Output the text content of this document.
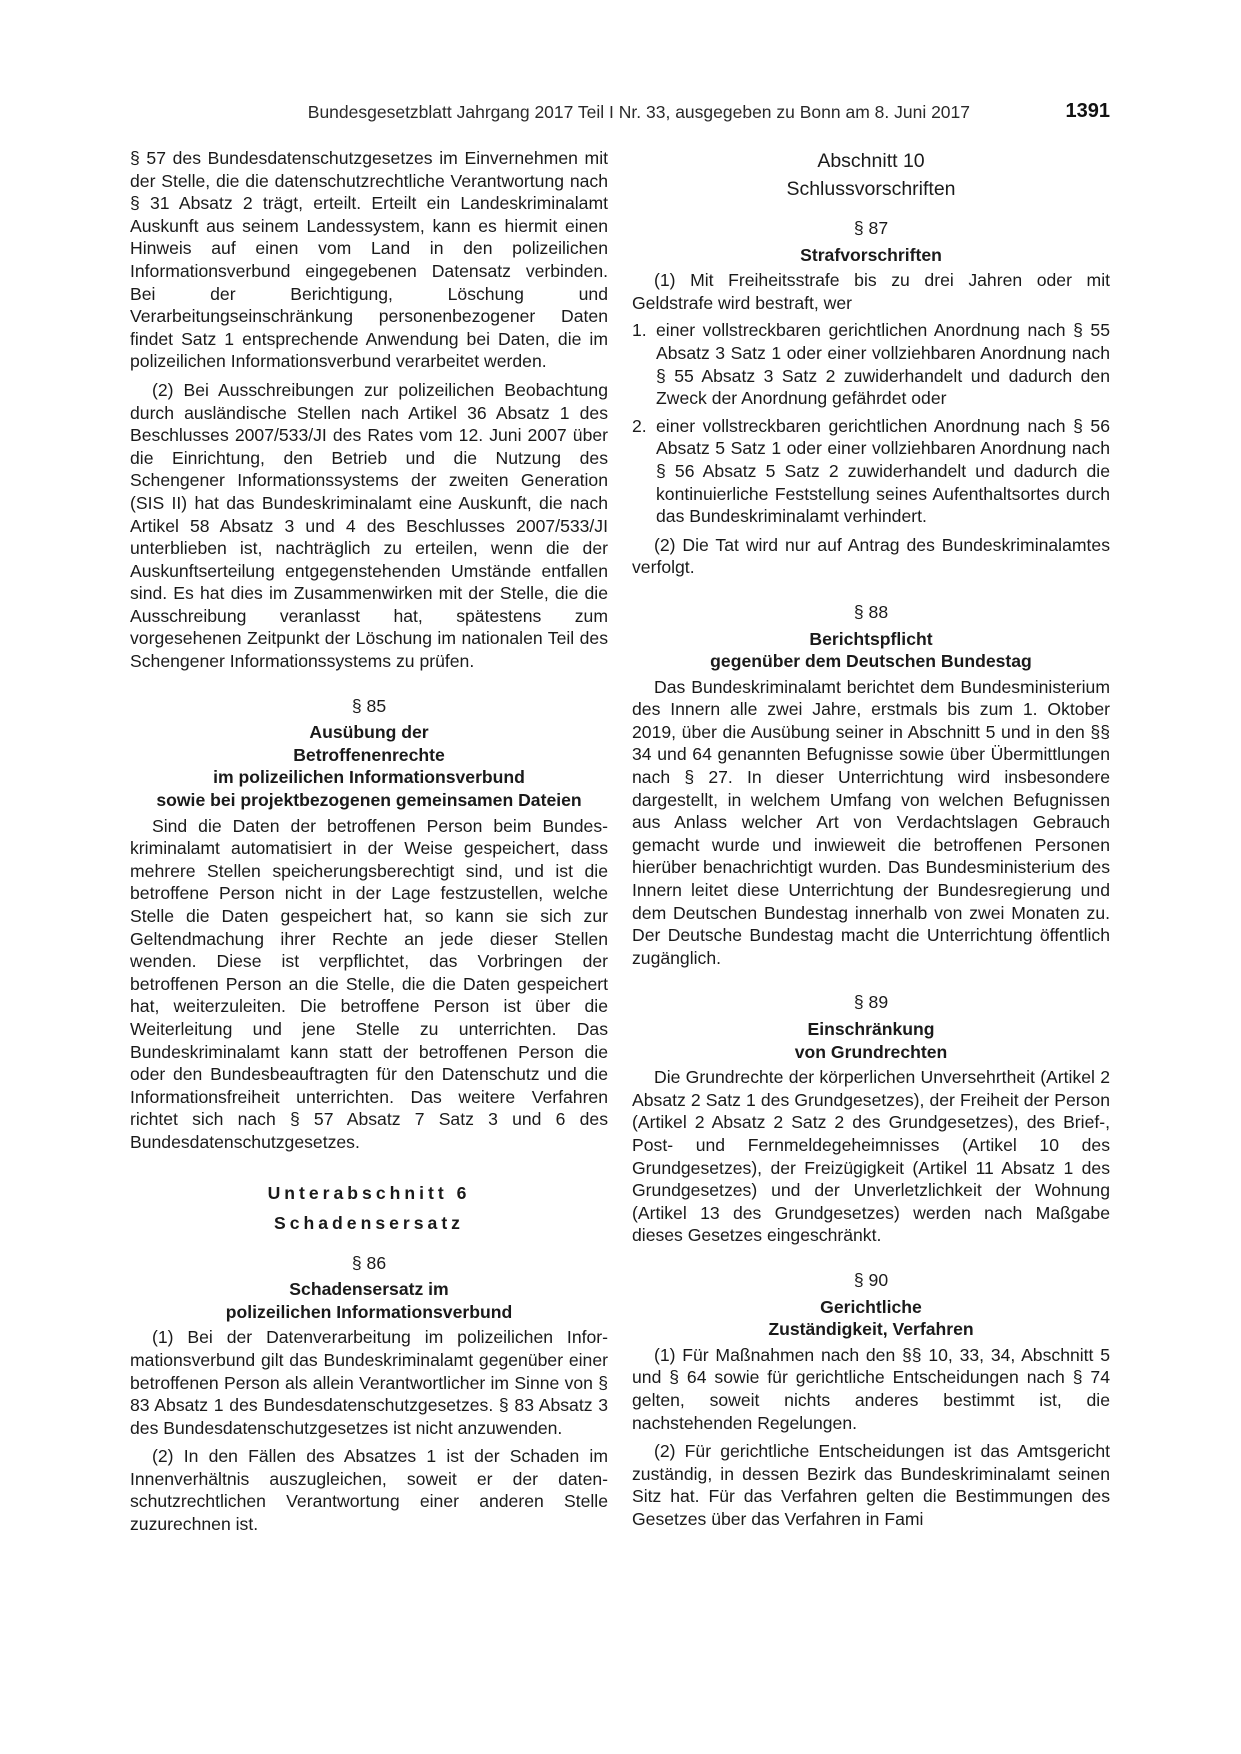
Bundesgesetzblatt Jahrgang 2017 Teil I Nr. 33, ausgegeben zu Bonn am 8. Juni 2017	1391

§ 57 des Bundesdatenschutzgesetzes im Einvernehmen mit der Stelle, die die datenschutzrechtliche Verantwortung nach § 31 Absatz 2 trägt, erteilt. Erteilt ein Landeskriminalamt Auskunft aus seinem Landessystem, kann es hiermit einen Hinweis auf einen vom Land in den polizeilichen Informationsverbund eingegebenen Datensatz verbinden. Bei der Berichtigung, Löschung und Verarbeitungseinschränkung personenbezogener Daten findet Satz 1 entsprechende Anwendung bei Daten, die im polizeilichen Informationsverbund verarbeitet werden.

(2) Bei Ausschreibungen zur polizeilichen Beobachtung durch ausländische Stellen nach Artikel 36 Absatz 1 des Beschlusses 2007/533/JI des Rates vom 12. Juni 2007 über die Einrichtung, den Betrieb und die Nutzung des Schengener Informationssystems der zweiten Generation (SIS II) hat das Bundeskriminalamt eine Auskunft, die nach Artikel 58 Absatz 3 und 4 des Beschlusses 2007/533/JI unterblieben ist, nachträglich zu erteilen, wenn die der Auskunftserteilung entgegenstehenden Umstände entfallen sind. Es hat dies im Zusammenwirken mit der Stelle, die die Ausschreibung veranlasst hat, spätestens zum vorgesehenen Zeitpunkt der Löschung im nationalen Teil des Schengener Informationssystems zu prüfen.

§ 85

Ausübung der
Betroffenenrechte
im polizeilichen Informationsverbund
sowie bei projektbezogenen gemeinsamen Dateien

Sind die Daten der betroffenen Person beim Bundeskriminalamt automatisiert in der Weise gespeichert, dass mehrere Stellen speicherungsberechtigt sind, und ist die betroffene Person nicht in der Lage festzustellen, welche Stelle die Daten gespeichert hat, so kann sie sich zur Geltendmachung ihrer Rechte an jede dieser Stellen wenden. Diese ist verpflichtet, das Vorbringen der betroffenen Person an die Stelle, die die Daten gespeichert hat, weiterzuleiten. Die betroffene Person ist über die Weiterleitung und jene Stelle zu unterrichten. Das Bundeskriminalamt kann statt der betroffenen Person die oder den Bundesbeauftragten für den Datenschutz und die Informationsfreiheit unterrichten. Das weitere Verfahren richtet sich nach § 57 Absatz 7 Satz 3 und 6 des Bundesdatenschutzgesetzes.

Unterabschnitt 6

Schadensersatz

§ 86

Schadensersatz im
polizeilichen Informationsverbund

(1) Bei der Datenverarbeitung im polizeilichen Informationsverbund gilt das Bundeskriminalamt gegenüber einer betroffenen Person als allein Verantwortlicher im Sinne von § 83 Absatz 1 des Bundesdatenschutzgesetzes. § 83 Absatz 3 des Bundesdatenschutzgesetzes ist nicht anzuwenden.

(2) In den Fällen des Absatzes 1 ist der Schaden im Innenverhältnis auszugleichen, soweit er der datenschutzrechtlichen Verantwortung einer anderen Stelle zuzurechnen ist.

Abschnitt 10

Schlussvorschriften

§ 87

Strafvorschriften

(1) Mit Freiheitsstrafe bis zu drei Jahren oder mit Geldstrafe wird bestraft, wer

1. einer vollstreckbaren gerichtlichen Anordnung nach § 55 Absatz 3 Satz 1 oder einer vollziehbaren Anordnung nach § 55 Absatz 3 Satz 2 zuwiderhandelt und dadurch den Zweck der Anordnung gefährdet oder
2. einer vollstreckbaren gerichtlichen Anordnung nach § 56 Absatz 5 Satz 1 oder einer vollziehbaren Anordnung nach § 56 Absatz 5 Satz 2 zuwiderhandelt und dadurch die kontinuierliche Feststellung seines Aufenthaltsortes durch das Bundeskriminalamt verhindert.

(2) Die Tat wird nur auf Antrag des Bundeskriminalamtes verfolgt.

§ 88

Berichtspflicht
gegenüber dem Deutschen Bundestag

Das Bundeskriminalamt berichtet dem Bundesministerium des Innern alle zwei Jahre, erstmals bis zum 1. Oktober 2019, über die Ausübung seiner in Abschnitt 5 und in den §§ 34 und 64 genannten Befugnisse sowie über Übermittlungen nach § 27. In dieser Unterrichtung wird insbesondere dargestellt, in welchem Umfang von welchen Befugnissen aus Anlass welcher Art von Verdachtslagen Gebrauch gemacht wurde und inwieweit die betroffenen Personen hierüber benachrichtigt wurden. Das Bundesministerium des Innern leitet diese Unterrichtung der Bundesregierung und dem Deutschen Bundestag innerhalb von zwei Monaten zu. Der Deutsche Bundestag macht die Unterrichtung öffentlich zugänglich.

§ 89

Einschränkung
von Grundrechten

Die Grundrechte der körperlichen Unversehrtheit (Artikel 2 Absatz 2 Satz 1 des Grundgesetzes), der Freiheit der Person (Artikel 2 Absatz 2 Satz 2 des Grundgesetzes), des Brief-, Post- und Fernmeldegeheimnisses (Artikel 10 des Grundgesetzes), der Freizügigkeit (Artikel 11 Absatz 1 des Grundgesetzes) und der Unverletzlichkeit der Wohnung (Artikel 13 des Grundgesetzes) werden nach Maßgabe dieses Gesetzes eingeschränkt.

§ 90

Gerichtliche
Zuständigkeit, Verfahren

(1) Für Maßnahmen nach den §§ 10, 33, 34, Abschnitt 5 und § 64 sowie für gerichtliche Entscheidungen nach § 74 gelten, soweit nichts anderes bestimmt ist, die nachstehenden Regelungen.

(2) Für gerichtliche Entscheidungen ist das Amtsgericht zuständig, in dessen Bezirk das Bundeskriminalamt seinen Sitz hat. Für das Verfahren gelten die Bestimmungen des Gesetzes über das Verfahren in Fami
